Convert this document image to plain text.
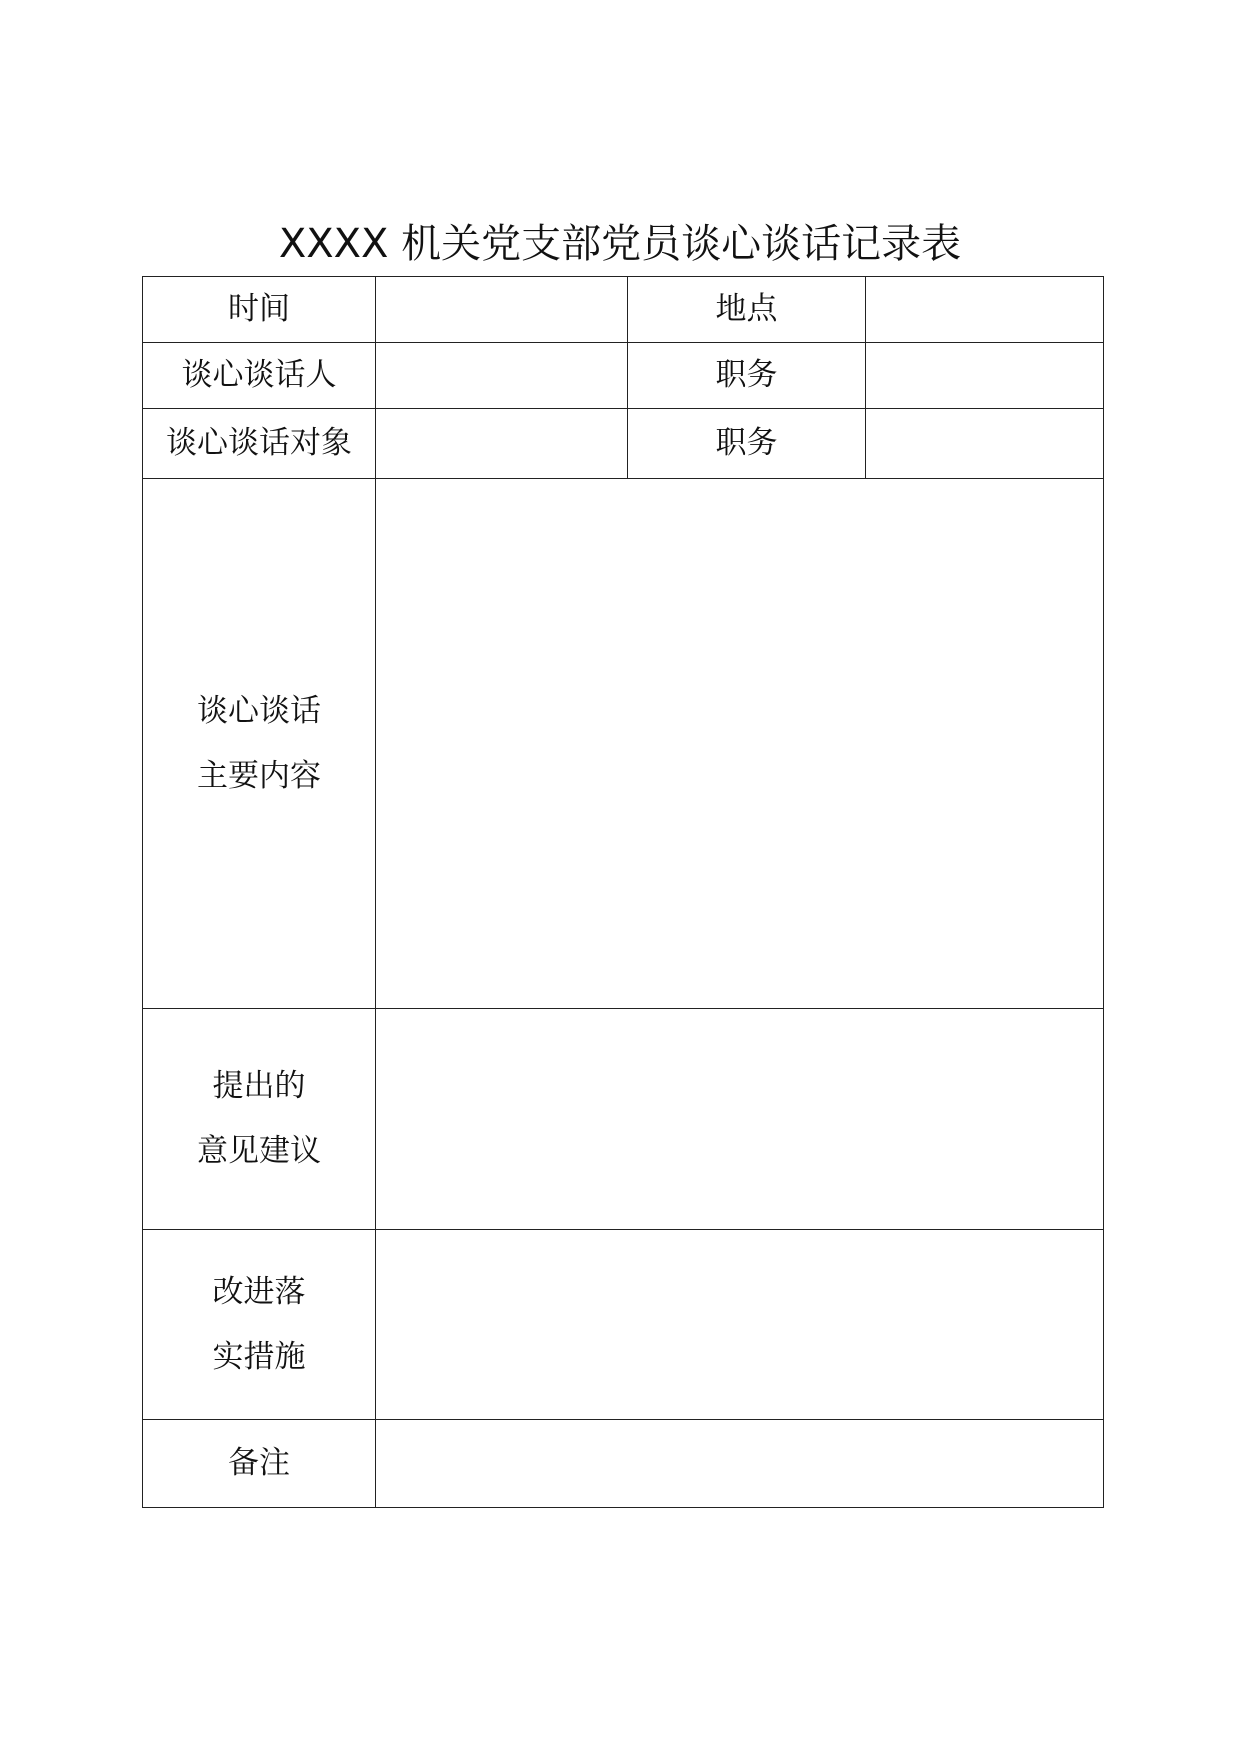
XXXX 机关党支部党员谈心谈话记录表
时间		地点	
谈心谈话人		职务	
谈心谈话对象		职务	

谈心谈话
主要内容			

提出的
意见建议			

改进落
实措施			

备注			
